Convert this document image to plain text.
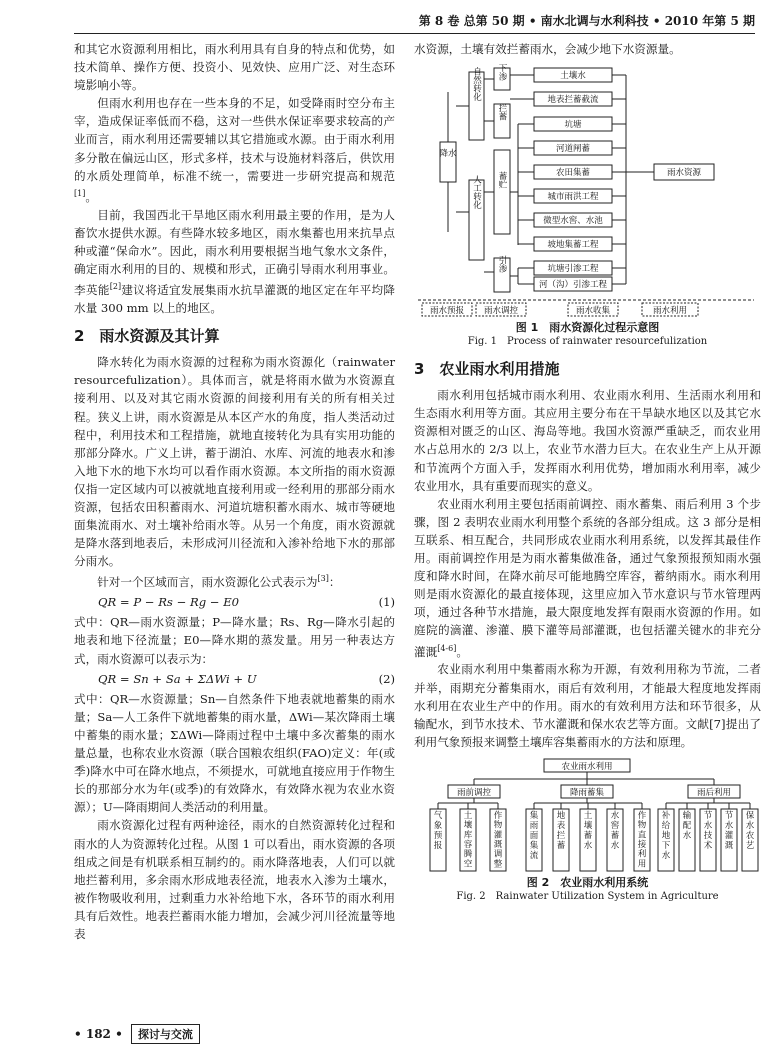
第 8 卷 总第 50 期 • 南水北调与水利科技 • 2010 年第 5 期

和其它水资源利用相比，雨水利用具有自身的特点和优势，如技术简单、操作方便、投资小、见效快、应用广泛、对生态环境影响小等。

但雨水利用也存在一些本身的不足，如受降雨时空分布主宰，造成保证率低而不稳，这对一些供水保证率要求较高的产业而言，雨水利用还需要辅以其它措施或水源。由于雨水利用多分散在偏远山区，形式多样，技术与设施材料落后，供饮用的水质处理简单，标准不统一，需要进一步研究提高和规范[1]。

目前，我国西北干旱地区雨水利用最主要的作用，是为人畜饮水提供水源。有些降水较多地区，雨水集蓄也用来抗旱点种或灌“保命水”。因此，雨水利用要根据当地气象水文条件，确定雨水利用的目的、规模和形式，正确引导雨水利用事业。李英能[2]建议将适宜发展集雨水抗旱灌溉的地区定在年平均降水量 300 mm 以上的地区。

2　雨水资源及其计算

降水转化为雨水资源的过程称为雨水资源化（rainwater resourcefulization）。具体而言，就是将雨水做为水资源直接利用、以及对其它雨水资源的间接利用有关的所有相关过程。狭义上讲，雨水资源是从本区产水的角度，指人类活动过程中，利用技术和工程措施，就地直接转化为具有实用功能的那部分降水。广义上讲，蓄于湖泊、水库、河流的地表水和渗入地下水的地下水均可以看作雨水资源。本文所指的雨水资源仅指一定区域内可以被就地直接利用或一经利用的那部分雨水资源，包括农田积蓄雨水、河道坑塘积蓄水雨水、城市等硬地面集流雨水、对土壤补给雨水等。从另一个角度，雨水资源就是降水落到地表后，未形成河川径流和入渗补给地下水的那部分雨水。

针对一个区域而言，雨水资源化公式表示为[3]：

QR = P − Rs − Rg − E0	(1)

式中：QR—雨水资源量；P—降水量；Rs、Rg—降水引起的地表和地下径流量；E0—降水期的蒸发量。用另一种表达方式，雨水资源可以表示为：

QR = Sn + Sa + ΣΔWi + U	(2)

式中：QR—水资源量；Sn—自然条件下地表就地蓄集的雨水量；Sa—人工条件下就地蓄集的雨水量，ΔWi—某次降雨土壤中蓄集的雨水量；ΣΔWi—降雨过程中土壤中多次蓄集的雨水量总量，也称农业水资源（联合国粮农组织(FAO)定义：年(或季)降水中可在降水地点，不须提水，可就地直接应用于作物生长的那部分水为年(或季)的有效降水，有效降水视为农业水资源）；U—降雨期间人类活动的利用量。

雨水资源化过程有两种途径，雨水的自然资源转化过程和雨水的人为资源转化过程。从图 1 可以看出，雨水资源的各项组成之间是有机联系相互制约的。雨水降落地表，人们可以就地拦蓄利用，多余雨水形成地表径流，地表水入渗为土壤水，被作物吸收利用，过剩重力水补给地下水，各环节的雨水利用具有后效性。地表拦蓄雨水能力增加，会减少河川径流量等地表

水资源，土壤有效拦蓄雨水，会减少地下水资源量。

降水
自然转化 下渗
拦蓄
土壤水
地表拦蓄截流
人工转化 蓄贮
引渗
坑塘
河道闸蓄
农田集蓄
城市雨洪工程
微型水窖、水池
坡地集蓄工程
坑塘引渗工程
河（沟）引渗工程
雨水资源
雨水预报 雨水调控	雨水收集	雨水利用
图 1　雨水资源化过程示意图
Fig. 1　Process of rainwater resourcefulization
3　农业雨水利用措施

雨水利用包括城市雨水利用、农业雨水利用、生活雨水利用和生态雨水利用等方面。其应用主要分布在干旱缺水地区以及其它水资源相对匮乏的山区、海岛等地。我国水资源严重缺乏，而农业用水占总用水的 2/3 以上，农业节水潜力巨大。在农业生产上从开源和节流两个方面入手，发挥雨水利用优势，增加雨水利用率，减少农业用水，具有重要而现实的意义。

农业雨水利用主要包括雨前调控、雨水蓄集、雨后利用 3 个步骤，图 2 表明农业雨水利用整个系统的各部分组成。这 3 部分是相互联系、相互配合，共同形成农业雨水利用系统，以发挥其最佳作用。雨前调控作用是为雨水蓄集做准备，通过气象预报预知雨水强度和降水时间，在降水前尽可能地腾空库容，蓄纳雨水。雨水利用则是雨水资源化的最直接体现，这里应加入节水意识与节水管理两项，通过各种节水措施，最大限度地发挥有限雨水资源的作用。如庭院的滴灌、渗灌、膜下灌等局部灌溉，也包括灌关键水的非充分灌溉[4-6]。

农业雨水利用中集蓄雨水称为开源，有效利用称为节流，二者并举，雨期充分蓄集雨水，雨后有效利用，才能最大程度地发挥雨水利用在农业生产中的作用。雨水的有效利用方法和环节很多，从输配水，到节水技术、节水灌溉和保水农艺等方面。文献[7]提出了利用气象预报来调整土壤库容集蓄雨水的方法和原理。

气象预报
土壤库容腾空
作物灌溉调整
集雨面集流
地表拦蓄
土壤蓄水
水窖蓄水
作物直接利用
补给地下水
输配水
节水技术
节水灌溉
保水农艺
农业雨水利用
雨前调控	降雨蓄集	雨后利用
图 2　农业雨水利用系统
Fig. 2　Rainwater Utilization System in Agriculture
• 182 • 探讨与交流
